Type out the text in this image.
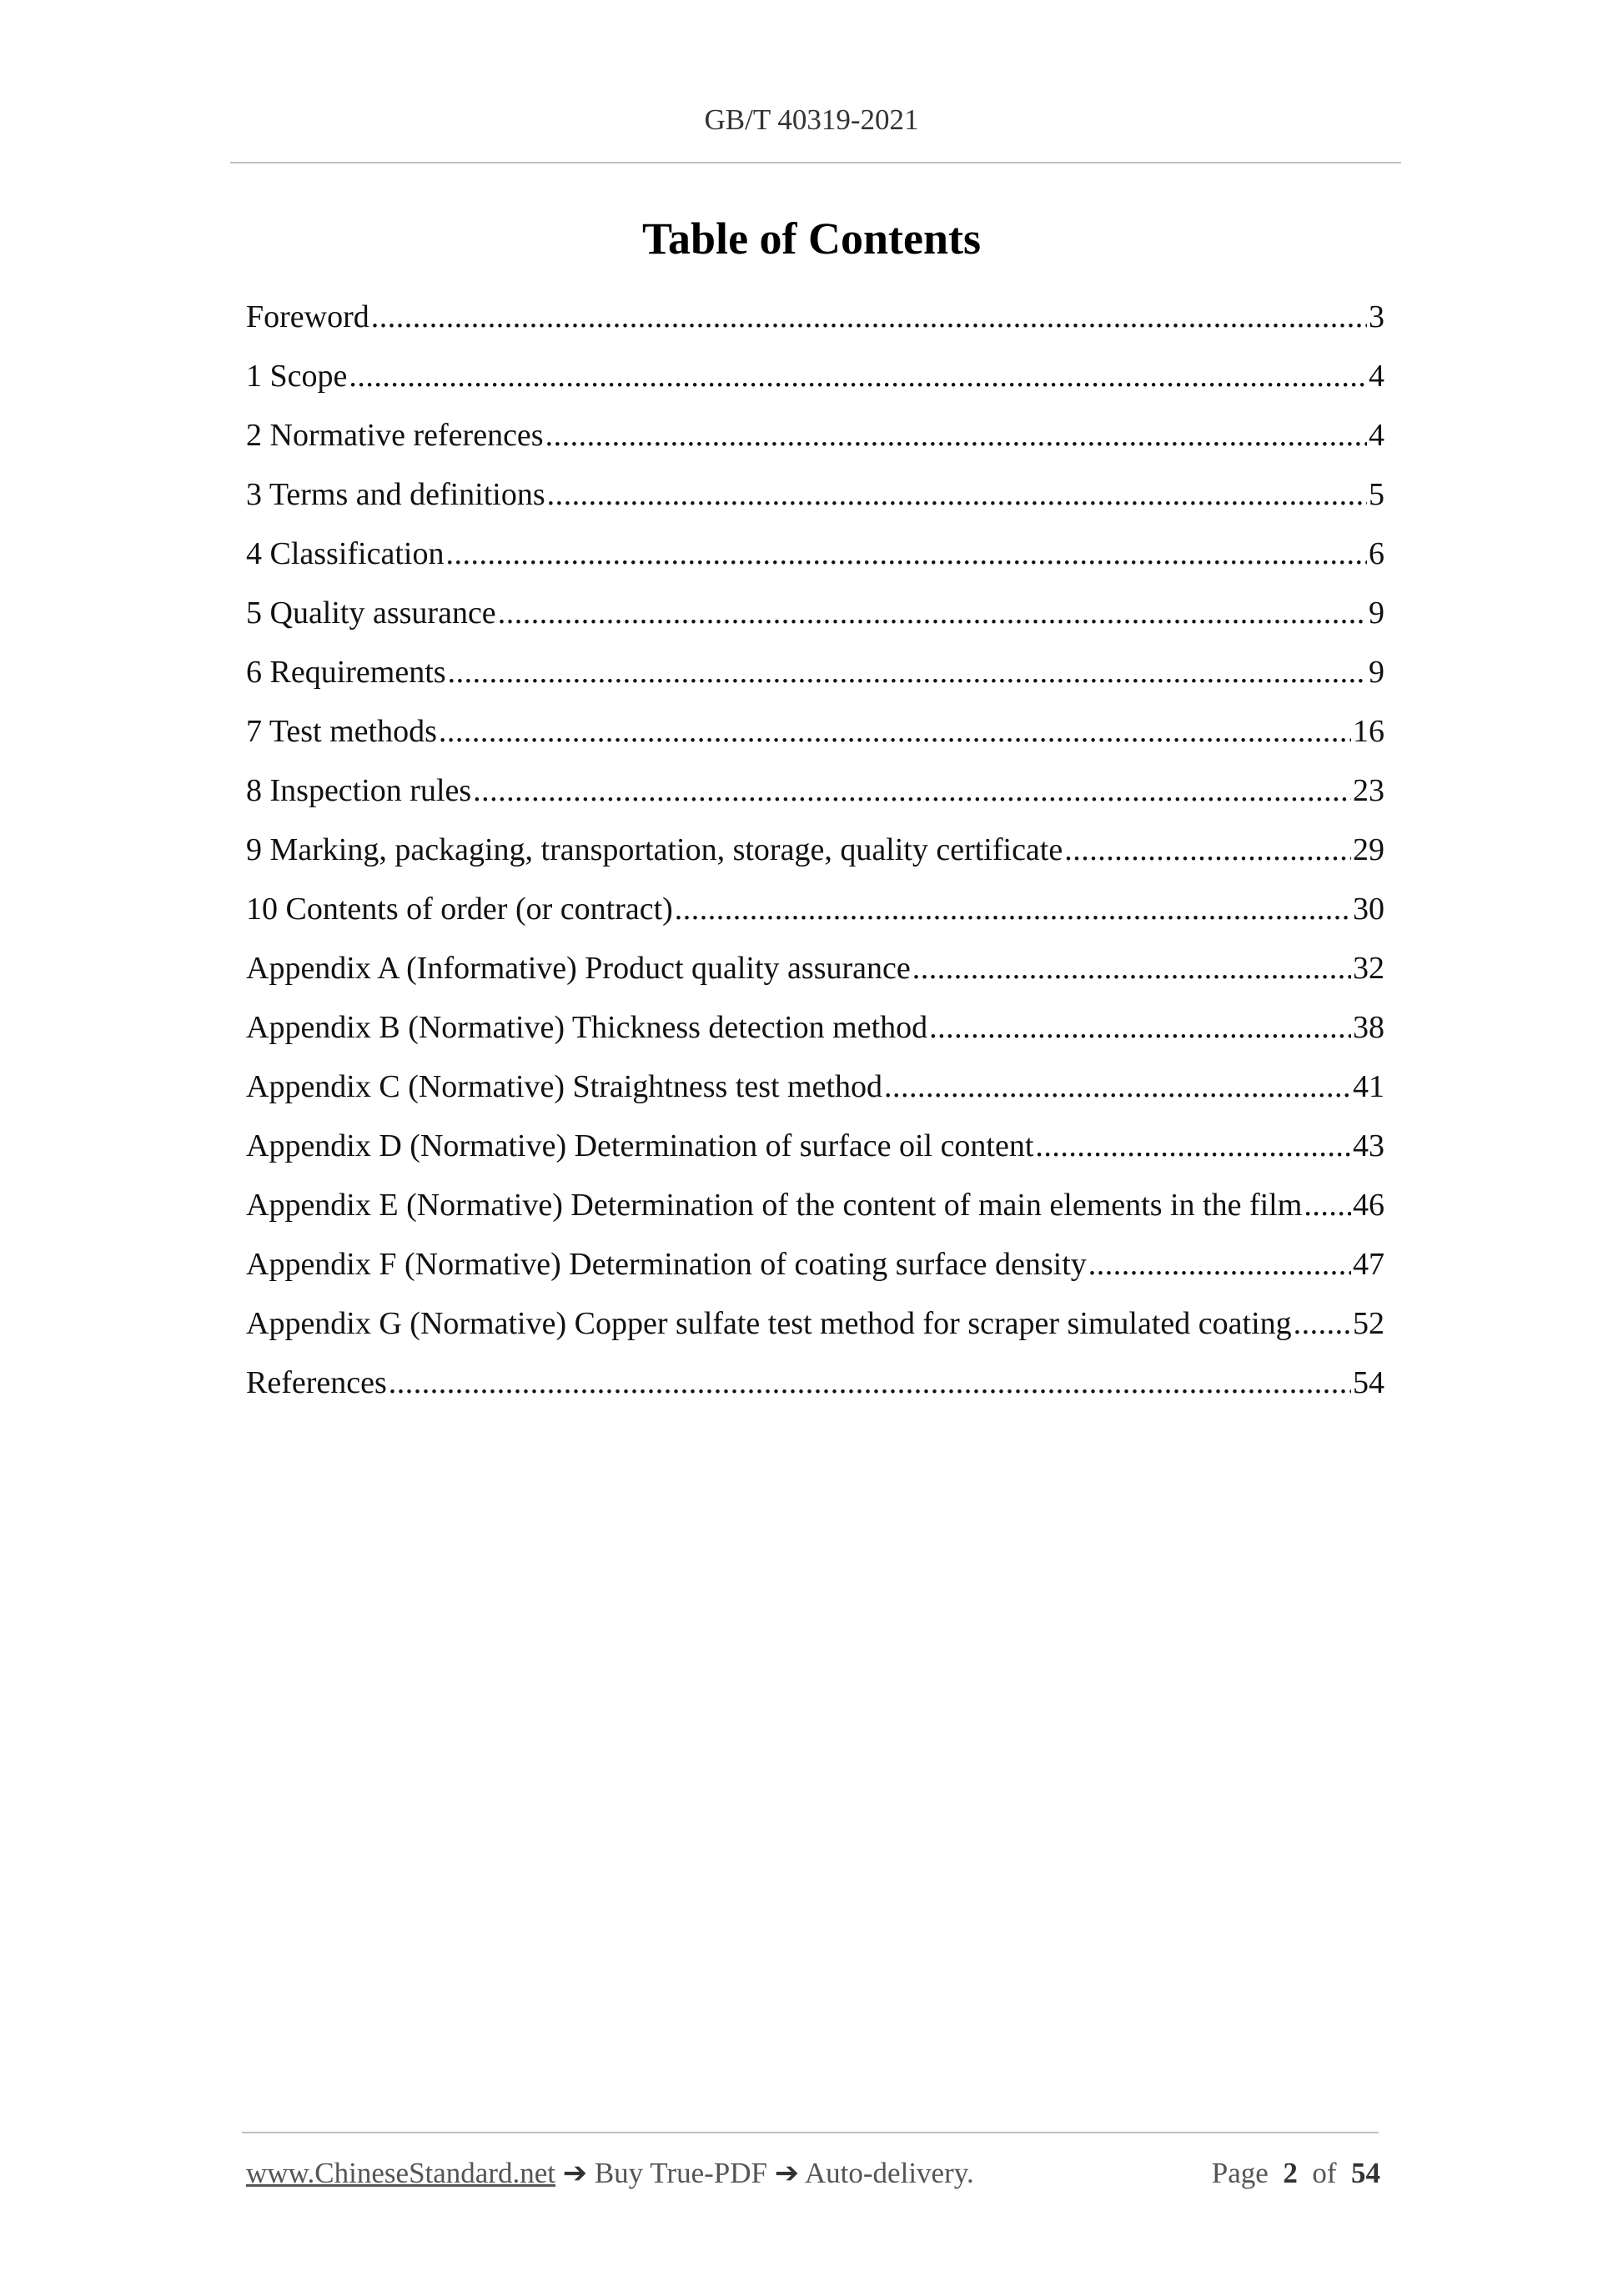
GB/T 40319-2021
Table of Contents
Foreword .....	3
1 Scope .....	4
2 Normative references .....	4
3 Terms and definitions .....	5
4 Classification .....	6
5 Quality assurance .....	9
6 Requirements .....	9
7 Test methods .....	16
8 Inspection rules .....	23
9 Marking, packaging, transportation, storage, quality certificate .....	29
10 Contents of order (or contract) .....	30
Appendix A (Informative) Product quality assurance .....	32
Appendix B (Normative) Thickness detection method .....	38
Appendix C (Normative) Straightness test method .....	41
Appendix D (Normative) Determination of surface oil content .....	43
Appendix E (Normative) Determination of the content of main elements in the film ..... 46
Appendix F (Normative) Determination of coating surface density .....	47
Appendix G (Normative) Copper sulfate test method for scraper simulated coating ..... 52
References .....	54
www.ChineseStandard.net ➔ Buy True-PDF ➔ Auto-delivery.	Page 2 of 54
